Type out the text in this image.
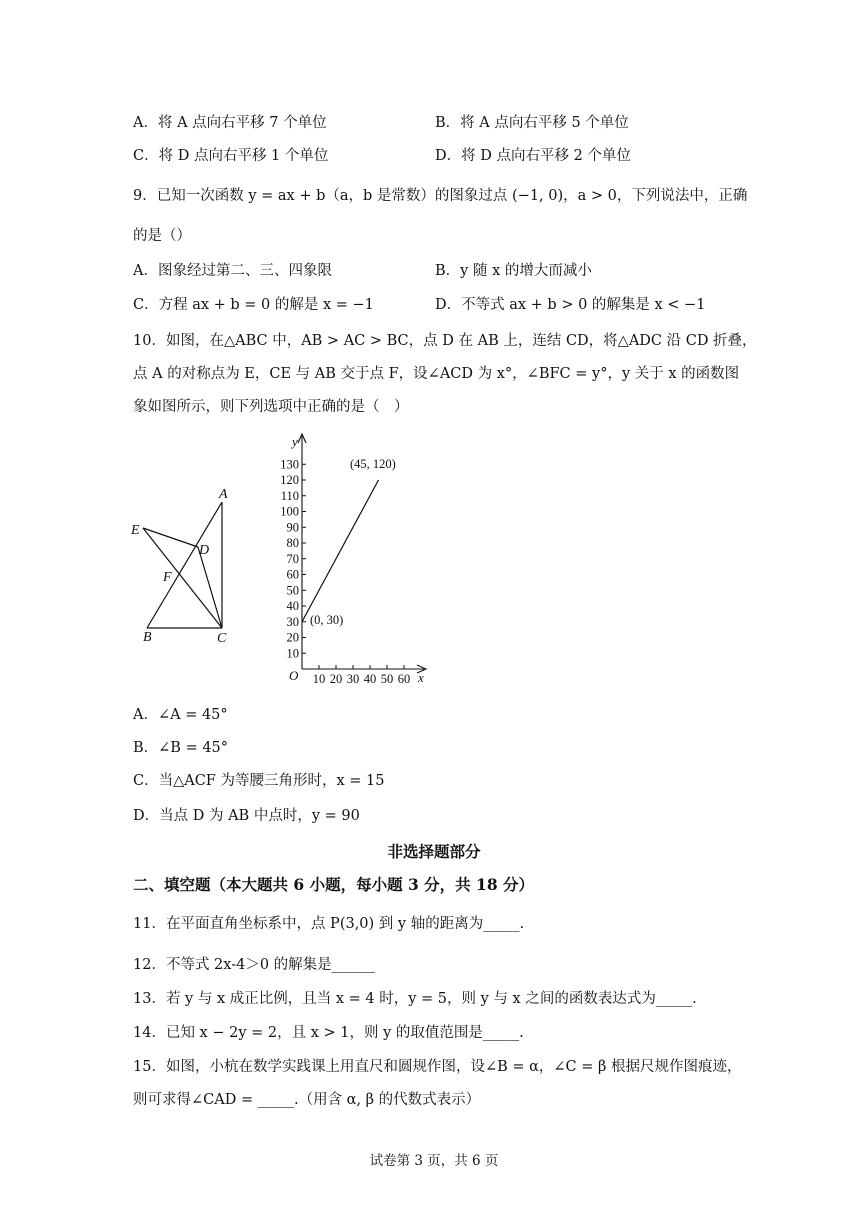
A．将 A 点向右平移 7 个单位	B．将 A 点向右平移 5 个单位
C．将 D 点向右平移 1 个单位	D．将 D 点向右平移 2 个单位
9．已知一次函数 y = ax + b（a，b 是常数）的图象过点 (−1, 0)，a > 0，下列说法中，正确
的是（）
A．图象经过第二、三、四象限	B．y 随 x 的增大而减小
C．方程 ax + b = 0 的解是 x = −1	D．不等式 ax + b > 0 的解集是 x < −1
10．如图，在△ABC 中，AB > AC > BC，点 D 在 AB 上，连结 CD，将△ADC 沿 CD 折叠，
点 A 的对称点为 E，CE 与 AB 交于点 F，设∠ACD 为 x°，∠BFC = y°，y 关于 x 的函数图
象如图所示，则下列选项中正确的是（　）
A
B	C
D
E
F
10
20
30
40
50
60
70
80
90
100
110
120
130
10 20 30 40 50 60
y
x
O
(0, 30)
(45, 120)
A．∠A = 45°
B．∠B = 45°
C．当△ACF 为等腰三角形时，x = 15
D．当点 D 为 AB 中点时，y = 90
非选择题部分
二、填空题（本大题共 6 小题，每小题 3 分，共 18 分）
11．在平面直角坐标系中，点 P(3,0) 到 y 轴的距离为_____.
12．不等式 2x-4＞0 的解集是______
13．若 y 与 x 成正比例，且当 x = 4 时，y = 5，则 y 与 x 之间的函数表达式为_____.
14．已知 x − 2y = 2，且 x > 1，则 y 的取值范围是_____.
15．如图，小杭在数学实践课上用直尺和圆规作图，设∠B = α，∠C = β 根据尺规作图痕迹，
则可求得∠CAD = _____.（用含 α, β 的代数式表示）
试卷第 3 页，共 6 页
